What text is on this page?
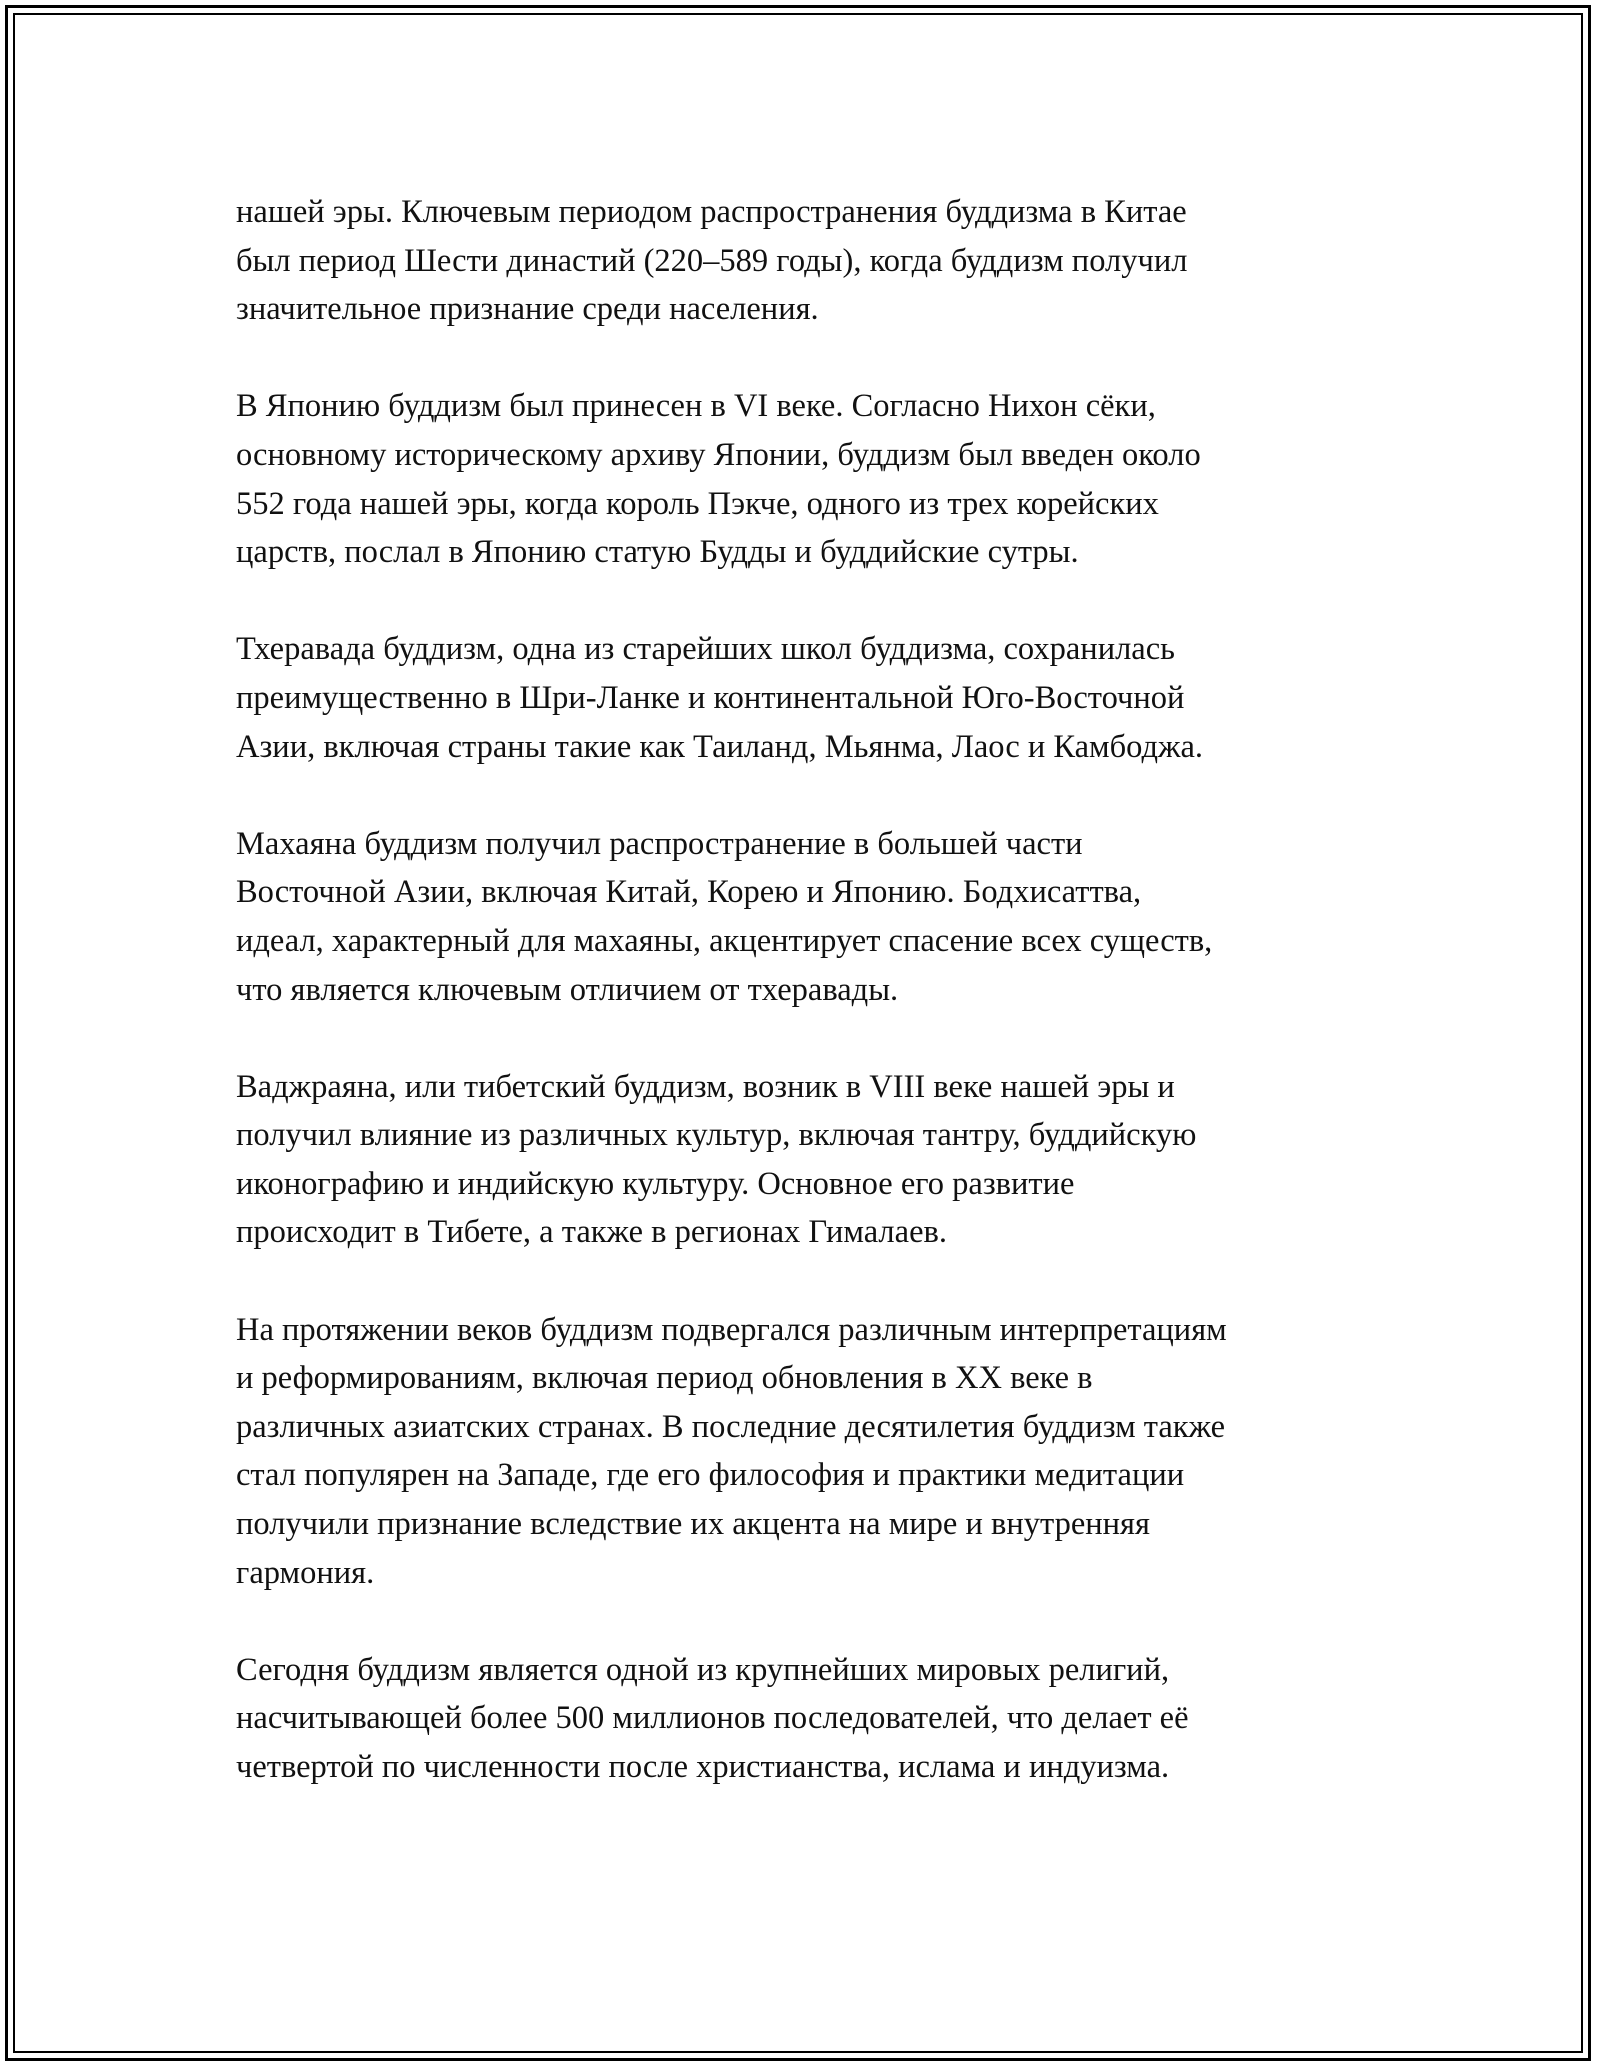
нашей эры. Ключевым периодом распространения буддизма в Китае
был период Шести династий (220–589 годы), когда буддизм получил
значительное признание среди населения.

В Японию буддизм был принесен в VI веке. Согласно Нихон сёки,
основному историческому архиву Японии, буддизм был введен около
552 года нашей эры, когда король Пэкче, одного из трех корейских
царств, послал в Японию статую Будды и буддийские сутры.

Тхеравада буддизм, одна из старейших школ буддизма, сохранилась
преимущественно в Шри-Ланке и континентальной Юго-Восточной
Азии, включая страны такие как Таиланд, Мьянма, Лаос и Камбоджа.

Махаяна буддизм получил распространение в большей части
Восточной Азии, включая Китай, Корею и Японию. Бодхисаттва,
идеал, характерный для махаяны, акцентирует спасение всех существ,
что является ключевым отличием от тхеравады.

Ваджраяна, или тибетский буддизм, возник в VIII веке нашей эры и
получил влияние из различных культур, включая тантру, буддийскую
иконографию и индийскую культуру. Основное его развитие
происходит в Тибете, а также в регионах Гималаев.

На протяжении веков буддизм подвергался различным интерпретациям
и реформированиям, включая период обновления в XX веке в
различных азиатских странах. В последние десятилетия буддизм также
стал популярен на Западе, где его философия и практики медитации
получили признание вследствие их акцента на мире и внутренняя
гармония.

Сегодня буддизм является одной из крупнейших мировых религий,
насчитывающей более 500 миллионов последователей, что делает её
четвертой по численности после христианства, ислама и индуизма.
